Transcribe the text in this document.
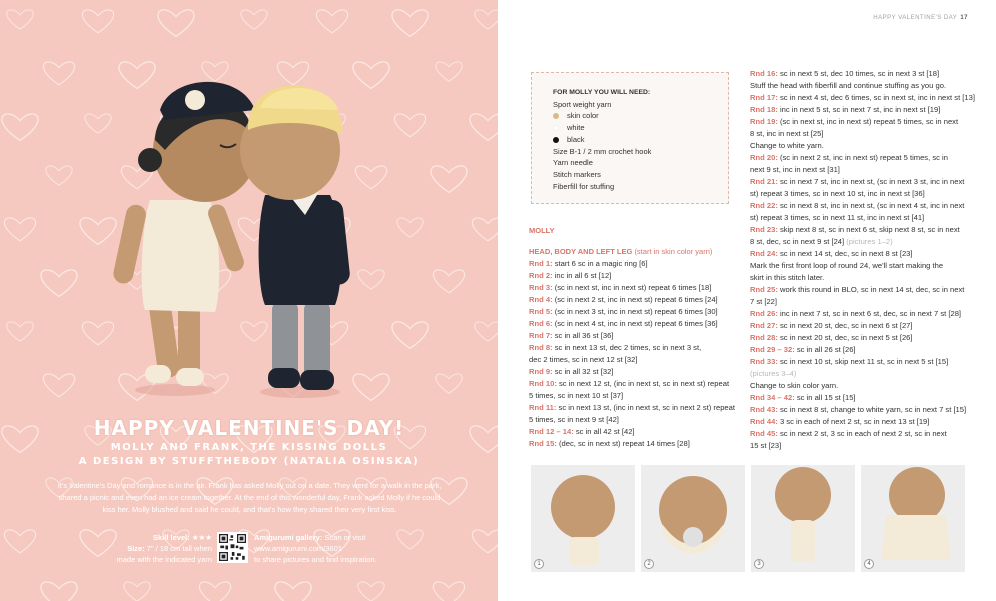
HAPPY VALENTINE'S DAY!
MOLLY AND FRANK, THE KISSING DOLLS
A DESIGN BY STUFFTHEBODY (NATALIA OSINSKA)
It's Valentine's Day and romance is in the air. Frank has asked Molly out on a date. They went for a walk in the park,
shared a picnic and even had an ice cream together. At the end of this wonderful day, Frank asked Molly if he could
kiss her. Molly blushed and said he could, and that's how they shared their very first kiss.
Skill level: ★★★
Size: 7" / 18 cm tall when
made with the indicated yarn
Amigurumi gallery: Scan or visit
www.amigurumi.com/3601
to share pictures and find inspiration.
HAPPY VALENTINE'S DAY 17
FOR MOLLY YOU WILL NEED:
Sport weight yarn
skin color
white
black
Size B-1 / 2 mm crochet hook
Yarn needle
Stitch markers
Fiberfill for stuffing
MOLLY
HEAD, BODY AND LEFT LEG (start in skin color yarn)
Rnd 1: start 6 sc in a magic ring [6]
Rnd 2: inc in all 6 st [12]
Rnd 3: (sc in next st, inc in next st) repeat 6 times [18]
Rnd 4: (sc in next 2 st, inc in next st) repeat 6 times [24]
Rnd 5: (sc in next 3 st, inc in next st) repeat 6 times [30]
Rnd 6: (sc in next 4 st, inc in next st) repeat 6 times [36]
Rnd 7: sc in all 36 st [36]
Rnd 8: sc in next 13 st, dec 2 times, sc in next 3 st,
dec 2 times, sc in next 12 st [32]
Rnd 9: sc in all 32 st [32]
Rnd 10: sc in next 12 st, (inc in next st, sc in next st) repeat
5 times, sc in next 10 st [37]
Rnd 11: sc in next 13 st, (inc in next st, sc in next 2 st) repeat
5 times, sc in next 9 st [42]
Rnd 12 – 14: sc in all 42 st [42]
Rnd 15: (dec, sc in next st) repeat 14 times [28]
Rnd 16: sc in next 5 st, dec 10 times, sc in next 3 st [18]
Stuff the head with fiberfill and continue stuffing as you go.
Rnd 17: sc in next 4 st, dec 6 times, sc in next st, inc in next st [13]
Rnd 18: inc in next 5 st, sc in next 7 st, inc in next st [19]
Rnd 19: (sc in next st, inc in next st) repeat 5 times, sc in next
8 st, inc in next st [25]
Change to white yarn.
Rnd 20: (sc in next 2 st, inc in next st) repeat 5 times, sc in
next 9 st, inc in next st [31]
Rnd 21: sc in next 7 st, inc in next st, (sc in next 3 st, inc in next
st) repeat 3 times, sc in next 10 st, inc in next st [36]
Rnd 22: sc in next 8 st, inc in next st, (sc in next 4 st, inc in next
st) repeat 3 times, sc in next 11 st, inc in next st [41]
Rnd 23: skip next 8 st, sc in next 6 st, skip next 8 st, sc in next
8 st, dec, sc in next 9 st [24] (pictures 1–2)
Rnd 24: sc in next 14 st, dec, sc in next 8 st [23]
Mark the first front loop of round 24, we'll start making the
skirt in this stitch later.
Rnd 25: work this round in BLO, sc in next 14 st, dec, sc in next
7 st [22]
Rnd 26: inc in next 7 st, sc in next 6 st, dec, sc in next 7 st [28]
Rnd 27: sc in next 20 st, dec, sc in next 6 st [27]
Rnd 28: sc in next 20 st, dec, sc in next 5 st [26]
Rnd 29 – 32: sc in all 26 st [26]
Rnd 33: sc in next 10 st, skip next 11 st, sc in next 5 st [15]
(pictures 3–4)
Change to skin color yarn.
Rnd 34 – 42: sc in all 15 st [15]
Rnd 43: sc in next 8 st, change to white yarn, sc in next 7 st [15]
Rnd 44: 3 sc in each of next 2 st, sc in next 13 st [19]
Rnd 45: sc in next 2 st, 3 sc in each of next 2 st, sc in next
15 st [23]
1	2	3	4
